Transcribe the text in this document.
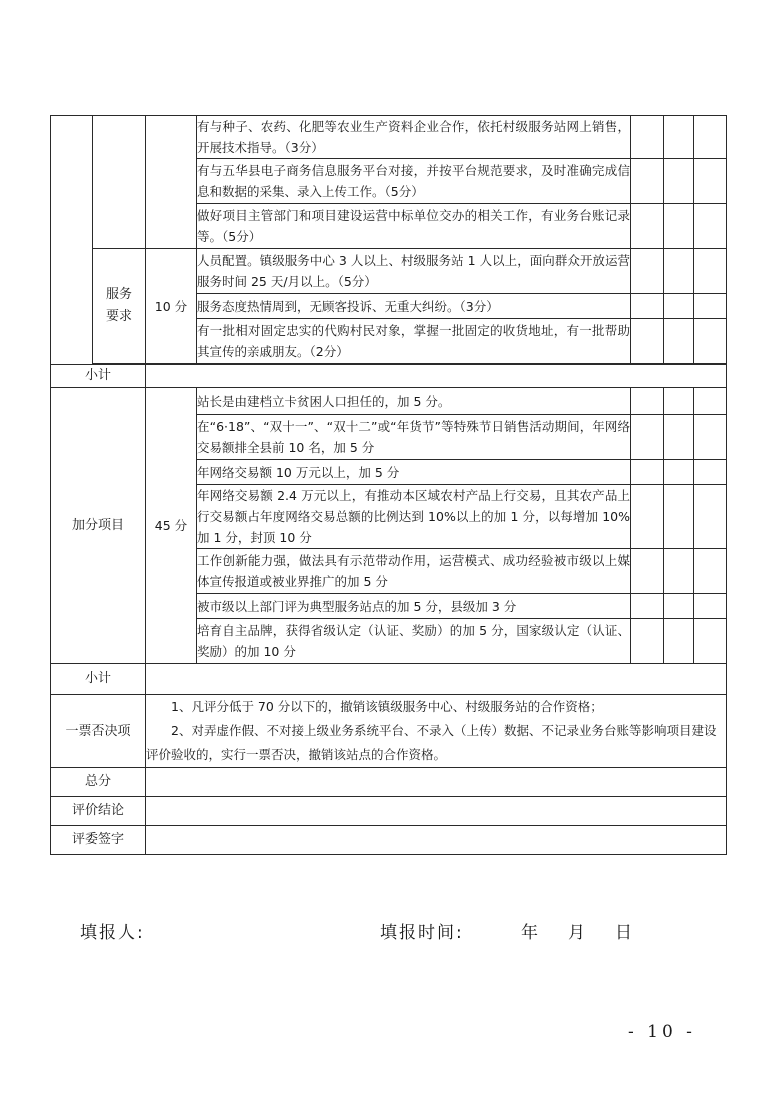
			有与种子、农药、化肥等农业生产资料企业合作，依托村级服务站网上销售，开展技术指导。（3分）			
			有与五华县电子商务信息服务平台对接，并按平台规范要求，及时准确完成信息和数据的采集、录入上传工作。（5分）			
			做好项目主管部门和项目建设运营中标单位交办的相关工作，有业务台账记录等。（5分）			

	服务要求	10 分	人员配置。镇级服务中心 3 人以上、村级服务站 1 人以上，面向群众开放运营服务时间 25 天/月以上。（5分）			
			服务态度热情周到，无顾客投诉、无重大纠纷。（3分）			
			有一批相对固定忠实的代购村民对象，掌握一批固定的收货地址，有一批帮助其宣传的亲戚朋友。（2分）			

小计						
加分项目		45 分	站长是由建档立卡贫困人口担任的，加 5 分。			
			在“6·18”、“双十一”、“双十二”或“年货节”等特殊节日销售活动期间，年网络交易额排全县前 10 名，加 5 分			
			年网络交易额 10 万元以上，加 5 分			
			年网络交易额 2.4 万元以上，有推动本区域农村产品上行交易，且其农产品上行交易额占年度网络交易总额的比例达到 10%以上的加 1 分，以每增加 10%加 1 分，封顶 10 分			
			工作创新能力强，做法具有示范带动作用，运营模式、成功经验被市级以上媒体宣传报道或被业界推广的加 5 分			
			被市级以上部门评为典型服务站点的加 5 分，县级加 3 分			
			培育自主品牌，获得省级认定（认证、奖励）的加 5 分，国家级认定（认证、奖励）的加 10 分			
小计						
一票否决项		1、凡评分低于 70 分以下的，撤销该镇级服务中心、村级服务站的合作资格；

2、对弄虚作假、不对接上级业务系统平台、不录入（上传）数据、不记录业务台账等影响项目建设评价验收的，实行一票否决，撤销该站点的合作资格。				

总分						
评价结论						
评委签字						
填报人:	填报时间:	年 月 日
- 10 -
